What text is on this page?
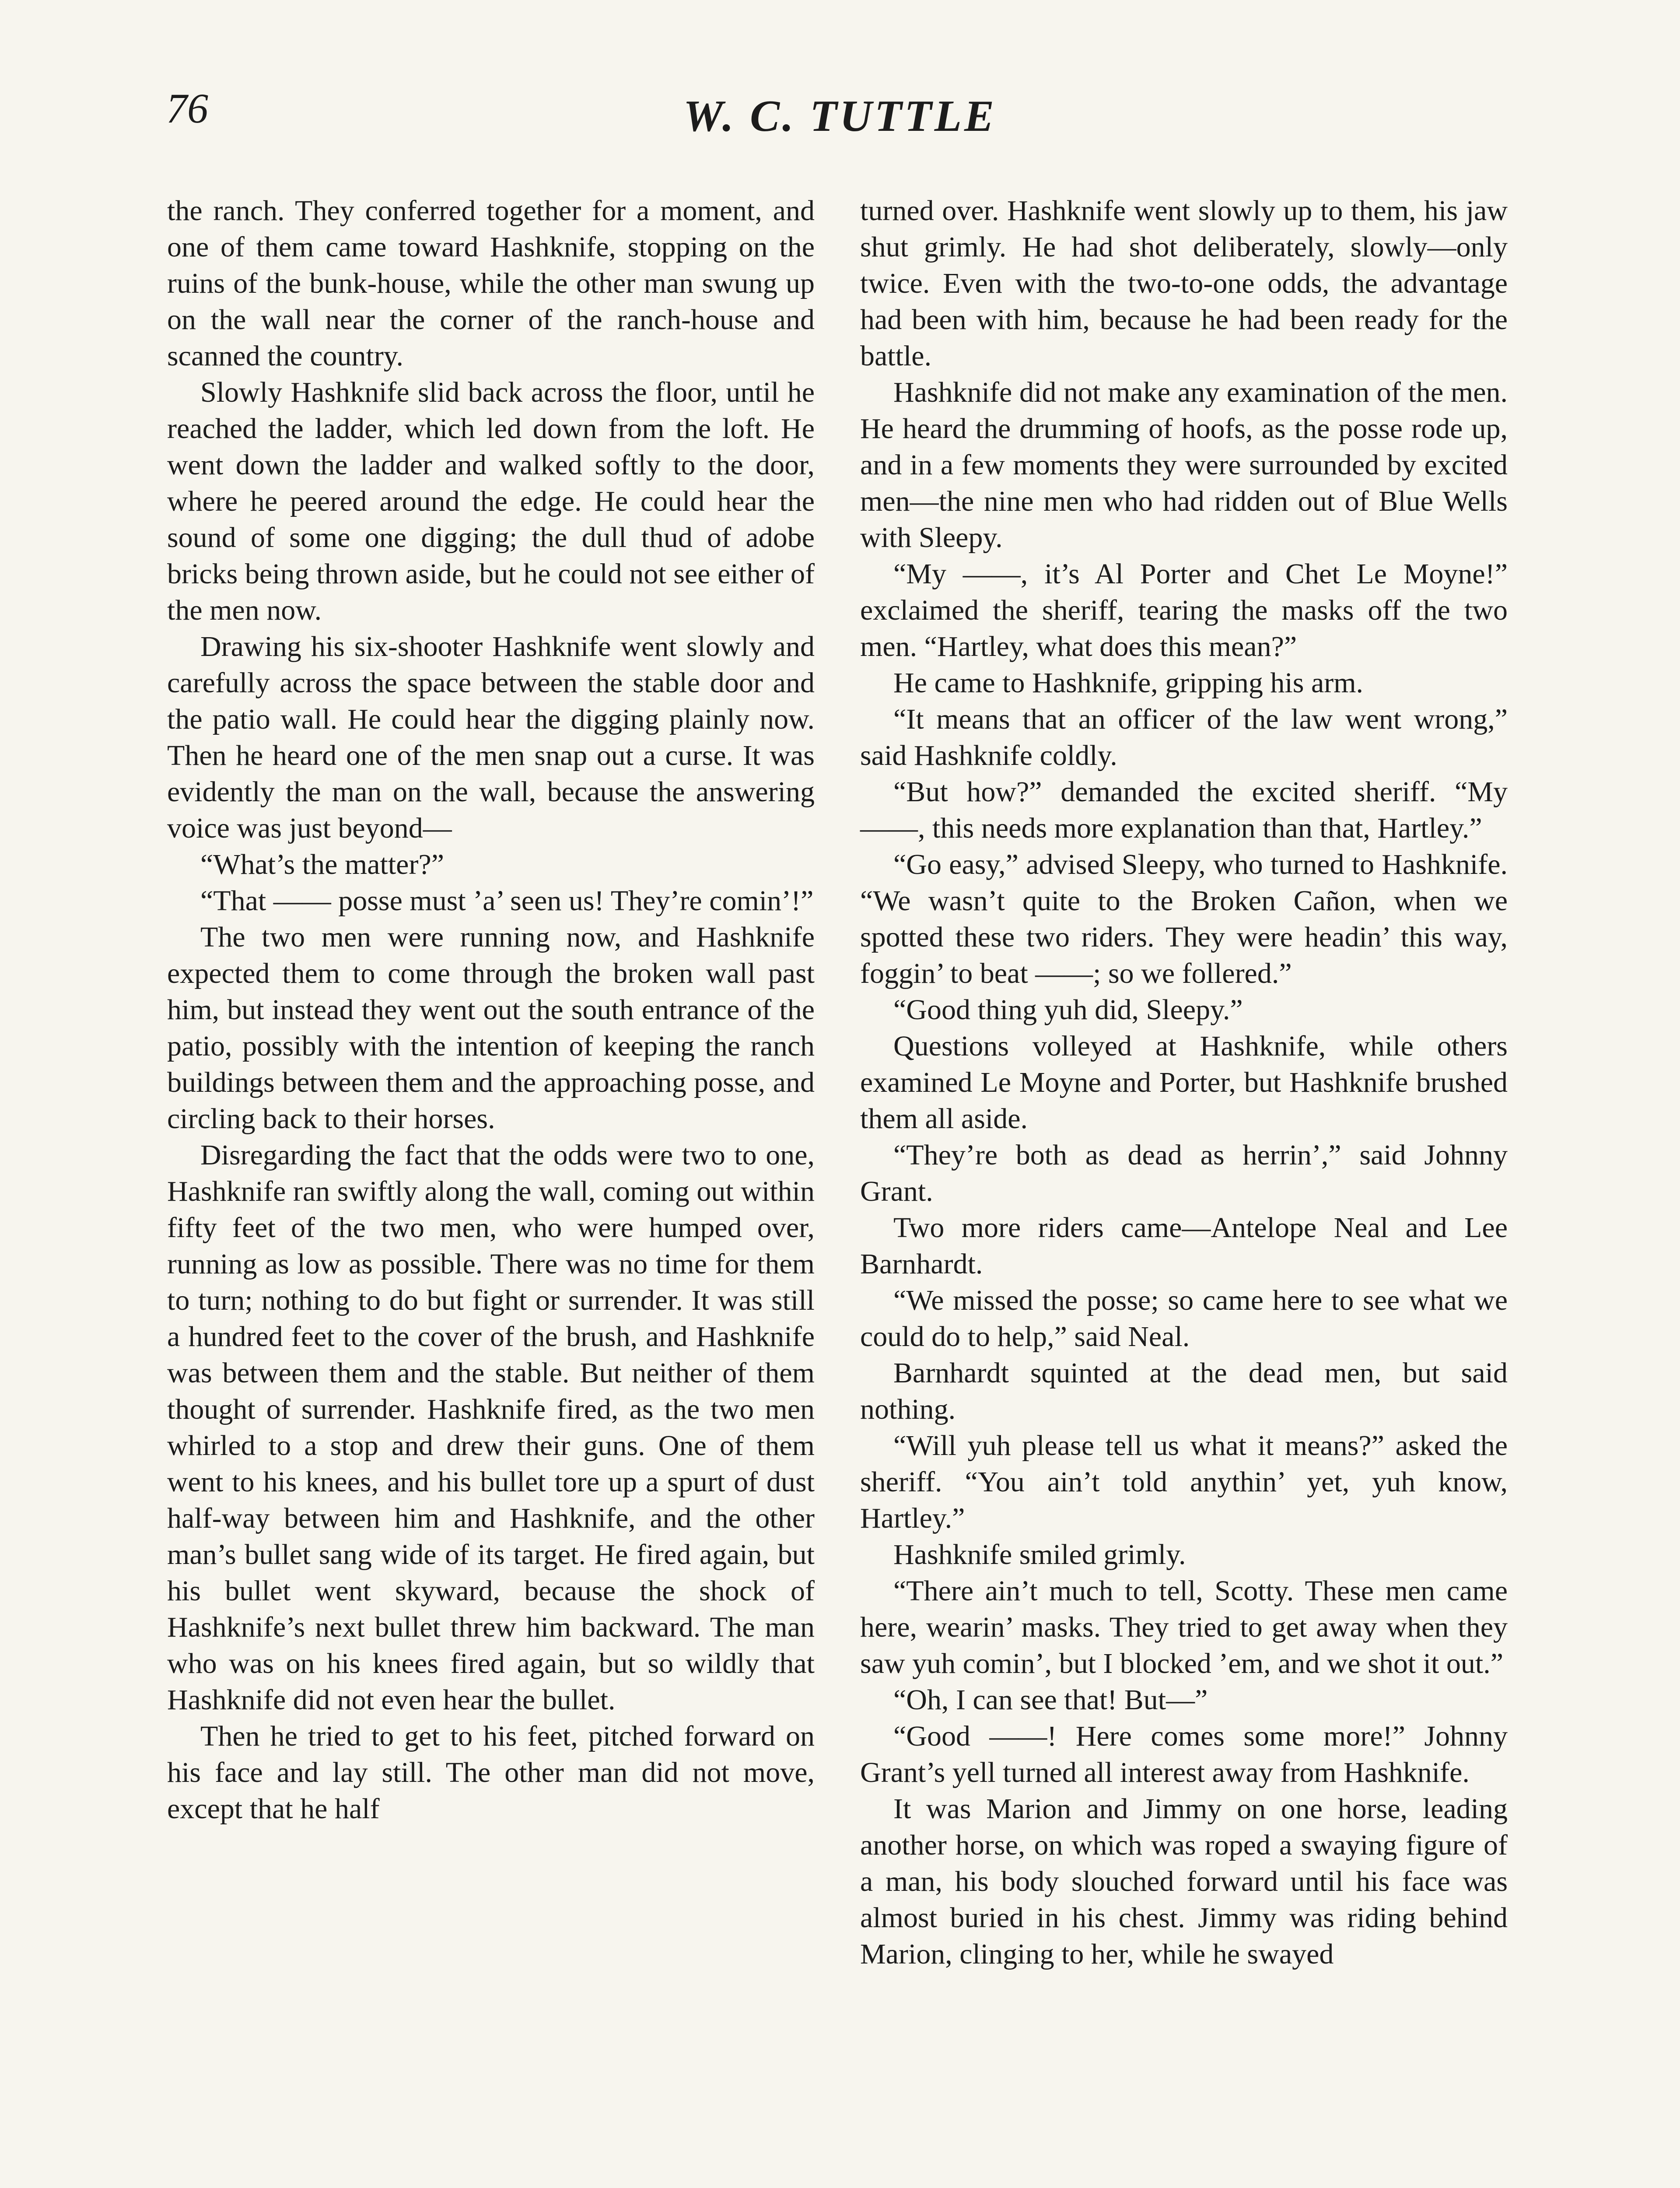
76	W. C. TUTTLE

the ranch. They conferred together for a moment, and one of them came toward Hashknife, stopping on the ruins of the bunk-house, while the other man swung up on the wall near the corner of the ranch-house and scanned the country.

Slowly Hashknife slid back across the floor, until he reached the ladder, which led down from the loft. He went down the ladder and walked softly to the door, where he peered around the edge. He could hear the sound of some one digging; the dull thud of adobe bricks being thrown aside, but he could not see either of the men now.

Drawing his six-shooter Hashknife went slowly and carefully across the space between the stable door and the patio wall. He could hear the digging plainly now. Then he heard one of the men snap out a curse. It was evidently the man on the wall, because the answering voice was just beyond—

“What’s the matter?”

“That —— posse must ’a’ seen us! They’re comin’!”

The two men were running now, and Hashknife expected them to come through the broken wall past him, but instead they went out the south entrance of the patio, possibly with the intention of keeping the ranch buildings between them and the approaching posse, and circling back to their horses.

Disregarding the fact that the odds were two to one, Hashknife ran swiftly along the wall, coming out within fifty feet of the two men, who were humped over, running as low as possible. There was no time for them to turn; nothing to do but fight or surrender. It was still a hundred feet to the cover of the brush, and Hashknife was between them and the stable. But neither of them thought of surrender. Hashknife fired, as the two men whirled to a stop and drew their guns. One of them went to his knees, and his bullet tore up a spurt of dust half-way between him and Hashknife, and the other man’s bullet sang wide of its target. He fired again, but his bullet went skyward, because the shock of Hashknife’s next bullet threw him backward. The man who was on his knees fired again, but so wildly that Hashknife did not even hear the bullet.

Then he tried to get to his feet, pitched forward on his face and lay still. The other man did not move, except that he half

turned over. Hashknife went slowly up to them, his jaw shut grimly. He had shot deliberately, slowly—only twice. Even with the two-to-one odds, the advantage had been with him, because he had been ready for the battle.

Hashknife did not make any examination of the men. He heard the drumming of hoofs, as the posse rode up, and in a few moments they were surrounded by excited men—the nine men who had ridden out of Blue Wells with Sleepy.

“My ——, it’s Al Porter and Chet Le Moyne!” exclaimed the sheriff, tearing the masks off the two men. “Hartley, what does this mean?”

He came to Hashknife, gripping his arm.

“It means that an officer of the law went wrong,” said Hashknife coldly.

“But how?” demanded the excited sheriff. “My ——, this needs more explanation than that, Hartley.”

“Go easy,” advised Sleepy, who turned to Hashknife. “We wasn’t quite to the Broken Cañon, when we spotted these two riders. They were headin’ this way, foggin’ to beat ——; so we follered.”

“Good thing yuh did, Sleepy.”

Questions volleyed at Hashknife, while others examined Le Moyne and Porter, but Hashknife brushed them all aside.

“They’re both as dead as herrin’,” said Johnny Grant.

Two more riders came—Antelope Neal and Lee Barnhardt.

“We missed the posse; so came here to see what we could do to help,” said Neal.

Barnhardt squinted at the dead men, but said nothing.

“Will yuh please tell us what it means?” asked the sheriff. “You ain’t told anythin’ yet, yuh know, Hartley.”

Hashknife smiled grimly.

“There ain’t much to tell, Scotty. These men came here, wearin’ masks. They tried to get away when they saw yuh comin’, but I blocked ’em, and we shot it out.”

“Oh, I can see that! But—”

“Good ——! Here comes some more!” Johnny Grant’s yell turned all interest away from Hashknife.

It was Marion and Jimmy on one horse, leading another horse, on which was roped a swaying figure of a man, his body slouched forward until his face was almost buried in his chest. Jimmy was riding behind Marion, clinging to her, while he swayed
